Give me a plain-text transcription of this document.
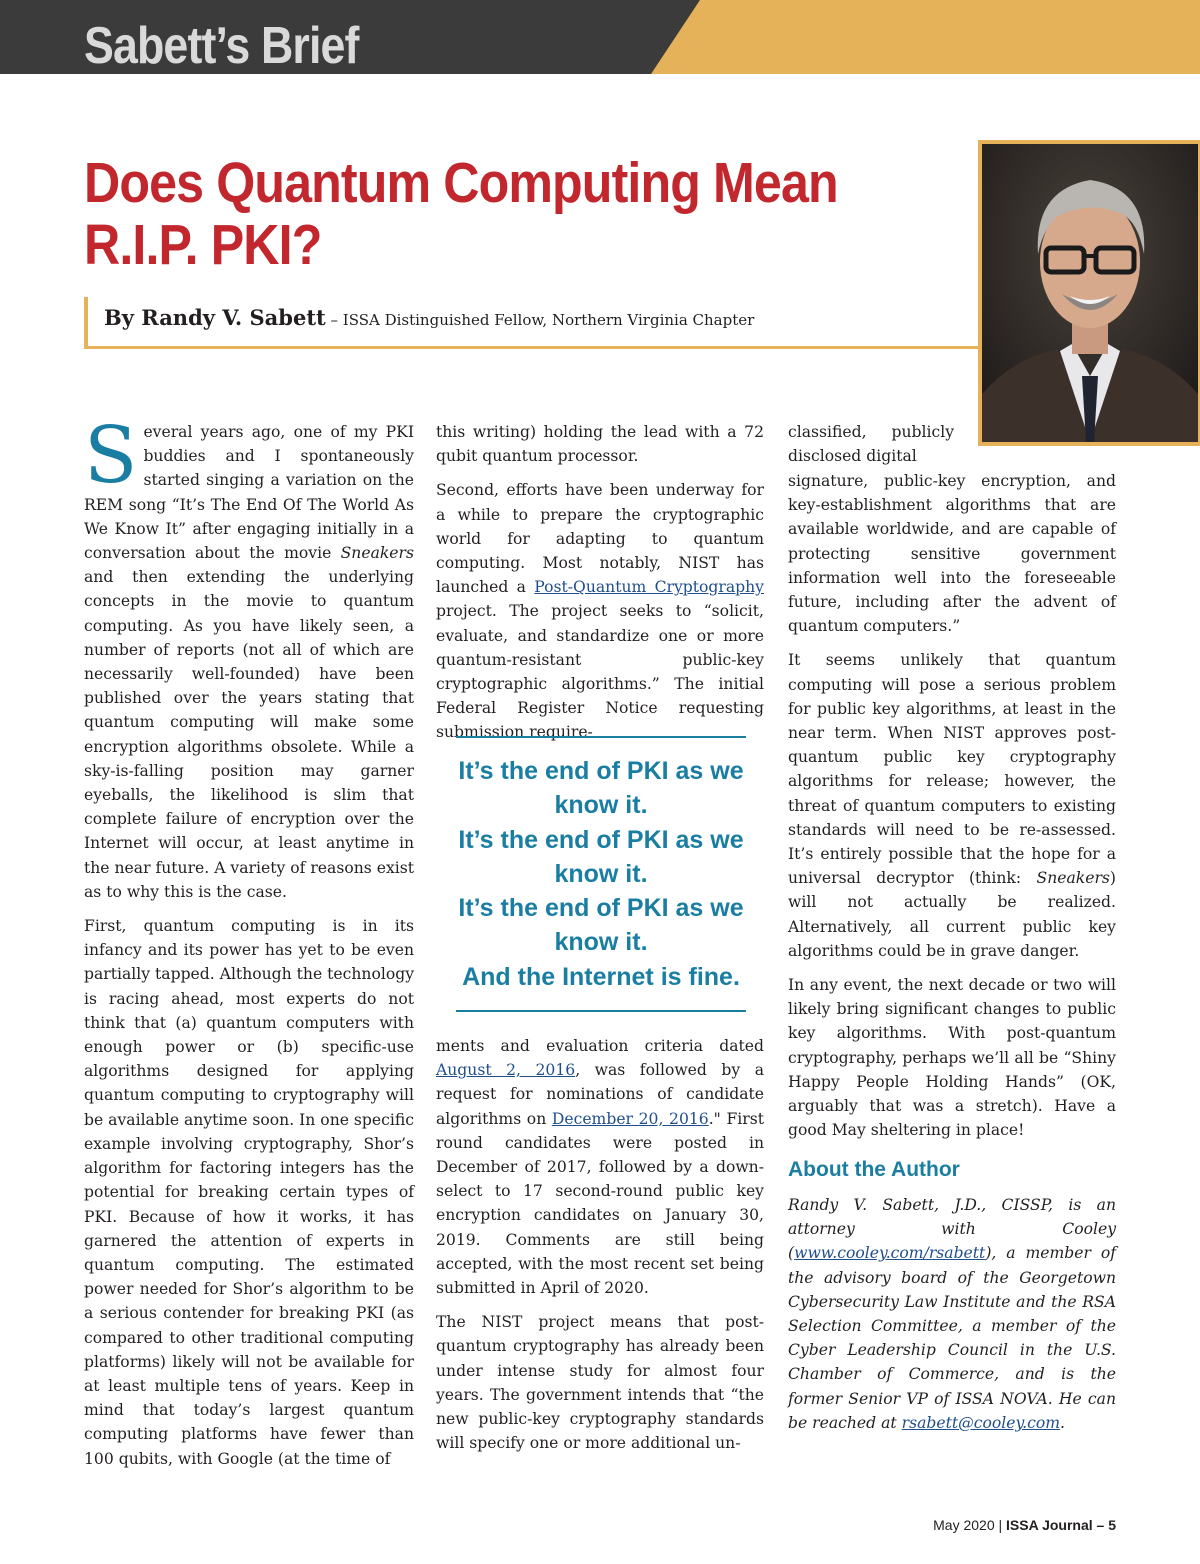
Sabett’s Brief
Does Quantum Computing Mean R.I.P. PKI?
By Randy V. Sabett – ISSA Distinguished Fellow, Northern Virginia Chapter

Several years ago, one of my PKI buddies and I spontaneously started singing a variation on the REM song “It’s The End Of The World As We Know It” after engaging initially in a conversation about the movie Sneakers and then extending the underlying concepts in the movie to quantum computing. As you have likely seen, a number of reports (not all of which are necessarily well-founded) have been published over the years stating that quantum computing will make some encryption algorithms obsolete. While a sky-is-falling position may garner eyeballs, the likelihood is slim that complete failure of encryption over the Internet will occur, at least anytime in the near future. A variety of reasons exist as to why this is the case.

First, quantum computing is in its infancy and its power has yet to be even partially tapped. Although the technology is racing ahead, most experts do not think that (a) quantum computers with enough power or (b) specific-use algorithms designed for applying quantum computing to cryptography will be available anytime soon. In one specific example involving cryptography, Shor’s algorithm for factoring integers has the potential for breaking certain types of PKI. Because of how it works, it has garnered the attention of experts in quantum computing. The estimated power needed for Shor’s algorithm to be a serious contender for breaking PKI (as compared to other traditional computing platforms) likely will not be available for at least multiple tens of years. Keep in mind that today’s largest quantum computing platforms have fewer than 100 qubits, with Google (at the time of

this writing) holding the lead with a 72 qubit quantum processor.

Second, efforts have been underway for a while to prepare the cryptographic world for adapting to quantum computing. Most notably, NIST has launched a Post-Quantum Cryptography project. The project seeks to “solicit, evaluate, and standardize one or more quantum-resistant public-key cryptographic algorithms.” The initial Federal Register Notice requesting submission require-

It’s the end of PKI as we know it.
It’s the end of PKI as we know it.
It’s the end of PKI as we know it.
And the Internet is fine.

ments and evaluation criteria dated August 2, 2016, was followed by a request for nominations of candidate algorithms on December 20, 2016." First round candidates were posted in December of 2017, followed by a down-select to 17 second-round public key encryption candidates on January 30, 2019. Comments are still being accepted, with the most recent set being submitted in April of 2020.

The NIST project means that post-quantum cryptography has already been under intense study for almost four years. The government intends that “the new public-key cryptography standards will specify one or more additional un-

classified, publicly disclosed digital

signature, public-key encryption, and key-establishment algorithms that are available worldwide, and are capable of protecting sensitive government information well into the foreseeable future, including after the advent of quantum computers.”

It seems unlikely that quantum computing will pose a serious problem for public key algorithms, at least in the near term. When NIST approves post-quantum public key cryptography algorithms for release; however, the threat of quantum computers to existing standards will need to be re-assessed. It’s entirely possible that the hope for a universal decryptor (think: Sneakers) will not actually be realized. Alternatively, all current public key algorithms could be in grave danger.

In any event, the next decade or two will likely bring significant changes to public key algorithms. With post-quantum cryptography, perhaps we’ll all be “Shiny Happy People Holding Hands” (OK, arguably that was a stretch). Have a good May sheltering in place!

About the Author

Randy V. Sabett, J.D., CISSP, is an attorney with Cooley (www.cooley.com/rsabett), a member of the advisory board of the Georgetown Cybersecurity Law Institute and the RSA Selection Committee, a member of the Cyber Leadership Council in the U.S. Chamber of Commerce, and is the former Senior VP of ISSA NOVA. He can be reached at rsabett@cooley.com.

May 2020 | ISSA Journal – 5
